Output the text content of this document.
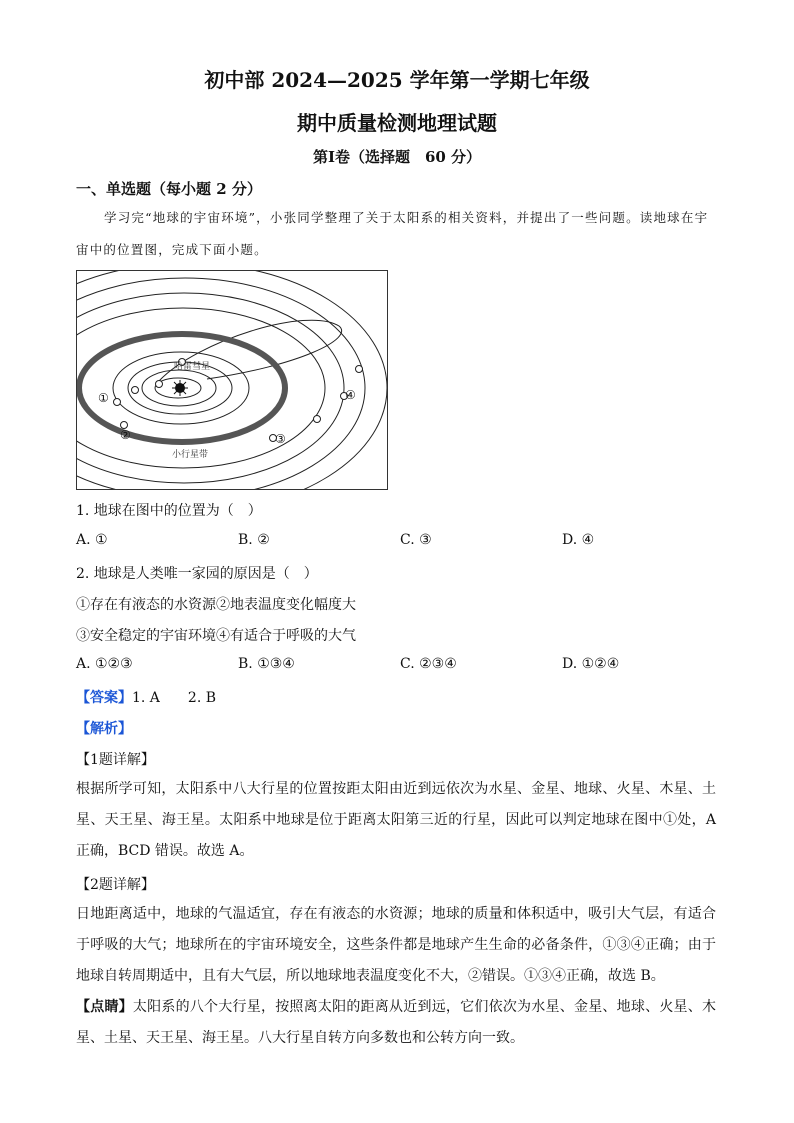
初中部 2024—2025 学年第一学期七年级
期中质量检测地理试题
第Ⅰ卷（选择题　60 分）
一、单选题（每小题 2 分）
学习完“地球的宇宙环境”，小张同学整理了关于太阳系的相关资料，并提出了一些问题。读地球在宇宙中的位置图，完成下面小题。
哈雷彗星
小行星带
①
②	③
④
1. 地球在图中的位置为（　）
A. ①	B. ②	C. ③	D. ④
2. 地球是人类唯一家园的原因是（　）
①存在有液态的水资源②地表温度变化幅度大
③安全稳定的宇宙环境④有适合于呼吸的大气
A. ①②③	B. ①③④	C. ②③④	D. ①②④
【答案】1. A　　2. B
【解析】
【1题详解】
根据所学可知，太阳系中八大行星的位置按距太阳由近到远依次为水星、金星、地球、火星、木星、土星、天王星、海王星。太阳系中地球是位于距离太阳第三近的行星，因此可以判定地球在图中①处，A 正确，BCD 错误。故选 A。
【2题详解】
日地距离适中，地球的气温适宜，存在有液态的水资源；地球的质量和体积适中，吸引大气层，有适合于呼吸的大气；地球所在的宇宙环境安全，这些条件都是地球产生生命的必备条件，①③④正确；由于地球自转周期适中，且有大气层，所以地球地表温度变化不大，②错误。①③④正确，故选 B。
【点睛】太阳系的八个大行星，按照离太阳的距离从近到远，它们依次为水星、金星、地球、火星、木星、土星、天王星、海王星。八大行星自转方向多数也和公转方向一致。
